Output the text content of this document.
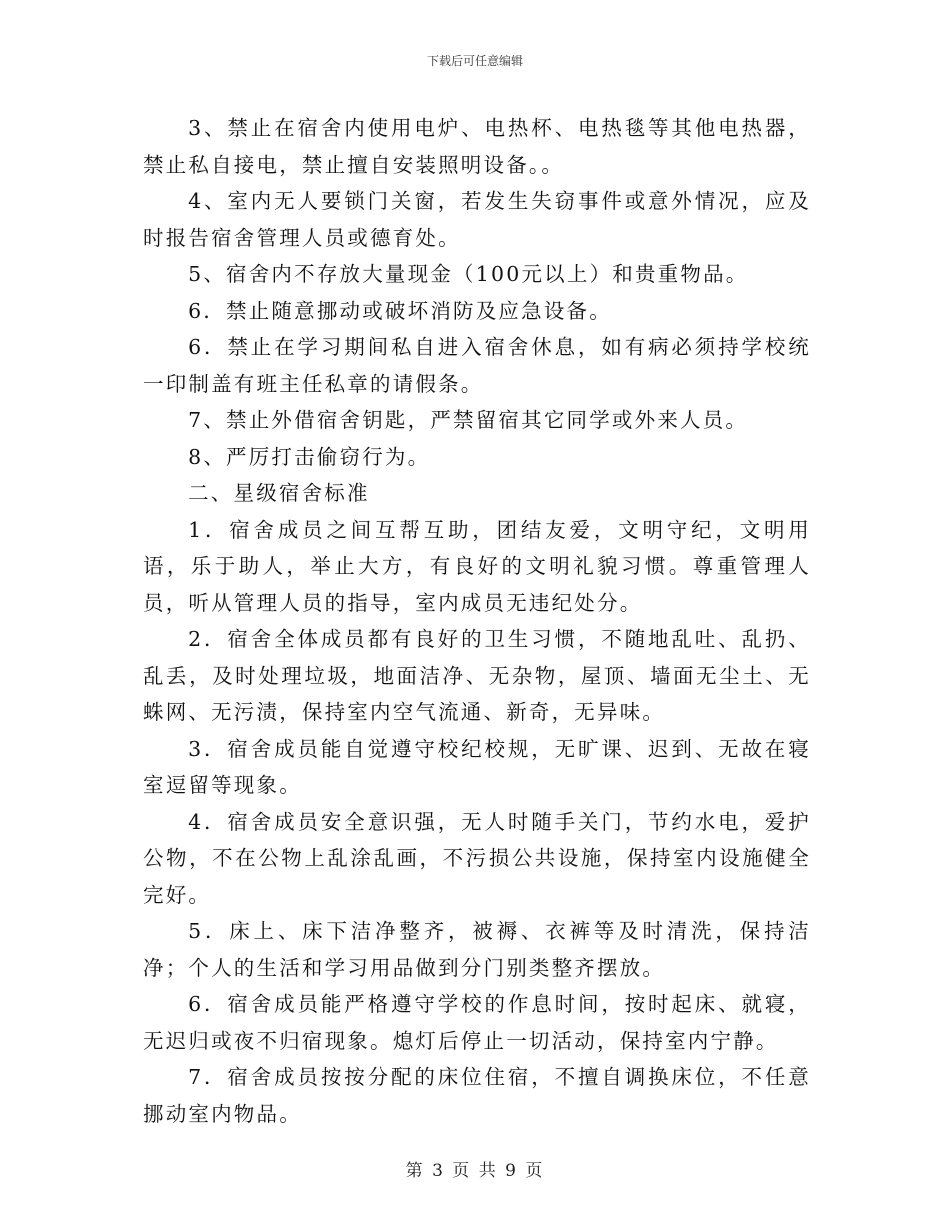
下载后可任意编辑

3、禁止在宿舍内使用电炉、电热杯、电热毯等其他电热器，禁止私自接电，禁止擅自安装照明设备。。

4、室内无人要锁门关窗，若发生失窃事件或意外情况，应及时报告宿舍管理人员或德育处。

5、宿舍内不存放大量现金（100元以上）和贵重物品。

6．禁止随意挪动或破坏消防及应急设备。

6．禁止在学习期间私自进入宿舍休息，如有病必须持学校统一印制盖有班主任私章的请假条。

7、禁止外借宿舍钥匙，严禁留宿其它同学或外来人员。

8、严厉打击偷窃行为。

二、星级宿舍标准

1．宿舍成员之间互帮互助，团结友爱，文明守纪，文明用语，乐于助人，举止大方，有良好的文明礼貌习惯。尊重管理人员，听从管理人员的指导，室内成员无违纪处分。

2．宿舍全体成员都有良好的卫生习惯，不随地乱吐、乱扔、乱丢，及时处理垃圾，地面洁净、无杂物，屋顶、墙面无尘土、无蛛网、无污渍，保持室内空气流通、新奇，无异味。

3．宿舍成员能自觉遵守校纪校规，无旷课、迟到、无故在寝室逗留等现象。

4．宿舍成员安全意识强，无人时随手关门，节约水电，爱护公物，不在公物上乱涂乱画，不污损公共设施，保持室内设施健全完好。

5．床上、床下洁净整齐，被褥、衣裤等及时清洗，保持洁净；个人的生活和学习用品做到分门别类整齐摆放。

6．宿舍成员能严格遵守学校的作息时间，按时起床、就寝，无迟归或夜不归宿现象。熄灯后停止一切活动，保持室内宁静。

7．宿舍成员按按分配的床位住宿，不擅自调换床位，不任意挪动室内物品。

第 3 页 共 9 页
